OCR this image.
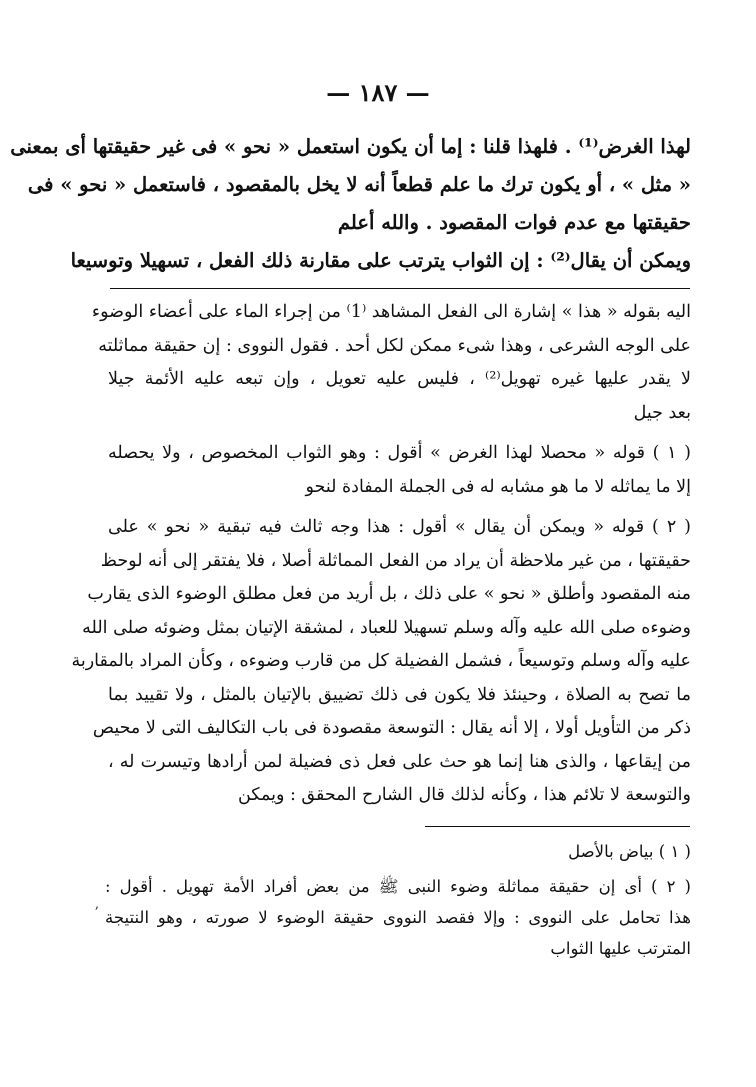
— ١٨٧ —
لهذا الغرض⁽¹⁾ . فلهذا قلنا : إما أن يكون استعمل « نحو » فى غير حقيقتها أى بمعنى
« مثل » ، أو يكون ترك ما علم قطعاً أنه لا يخل بالمقصود ، فاستعمل « نحو » فى
حقيقتها مع عدم فوات المقصود . والله أعلم
ويمكن أن يقال⁽²⁾ : إن الثواب يترتب على مقارنة ذلك الفعل ، تسهيلا وتوسيعا
اليه بقوله « هذا » إشارة الى الفعل المشاهد ⁽1⁾ من إجراء الماء على أعضاء الوضوء
على الوجه الشرعى ، وهذا شىء ممكن لكل أحد . فقول النووى : إن حقيقة مماثلته
لا يقدر عليها غيره تهويل⁽²⁾ ، فليس عليه تعويل ، وإن تبعه عليه الأئمة جيلا
بعد جيل
( ١ ) قوله « محصلا لهذا الغرض » أقول : وهو الثواب المخصوص ، ولا يحصله
إلا ما يماثله لا ما هو مشابه له فى الجملة المفادة لنحو
( ٢ ) قوله « ويمكن أن يقال » أقول : هذا وجه ثالث فيه تبقية « نحو » على
حقيقتها ، من غير ملاحظة أن يراد من الفعل المماثلة أصلا ، فلا يفتقر إلى أنه لوحظ
منه المقصود وأطلق « نحو » على ذلك ، بل أريد من فعل مطلق الوضوء الذى يقارب
وضوءه صلى الله عليه وآله وسلم تسهيلا للعباد ، لمشقة الإتيان بمثل وضوئه صلى الله
عليه وآله وسلم وتوسيعاً ، فشمل الفضيلة كل من قارب وضوءه ، وكأن المراد بالمقاربة
ما تصح به الصلاة ، وحينئذ فلا يكون فى ذلك تضييق بالإتيان بالمثل ، ولا تقييد بما
ذكر من التأويل أولا ، إلا أنه يقال : التوسعة مقصودة فى باب التكاليف التى لا محيص
من إيقاعها ، والذى هنا إنما هو حث على فعل ذى فضيلة لمن أرادها وتيسرت له ،
والتوسعة لا تلائم هذا ، وكأنه لذلك قال الشارح المحقق : ويمكن
( ١ ) بياض بالأصل
( ٢ ) أى إن حقيقة مماثلة وضوء النبى ﷺ من بعض أفراد الأمة تهويل . أقول :
هذا تحامل على النووى : وإلا فقصد النووى حقيقة الوضوء لا صورته ، وهو النتيجة
المترتب عليها الثواب
ʼ
